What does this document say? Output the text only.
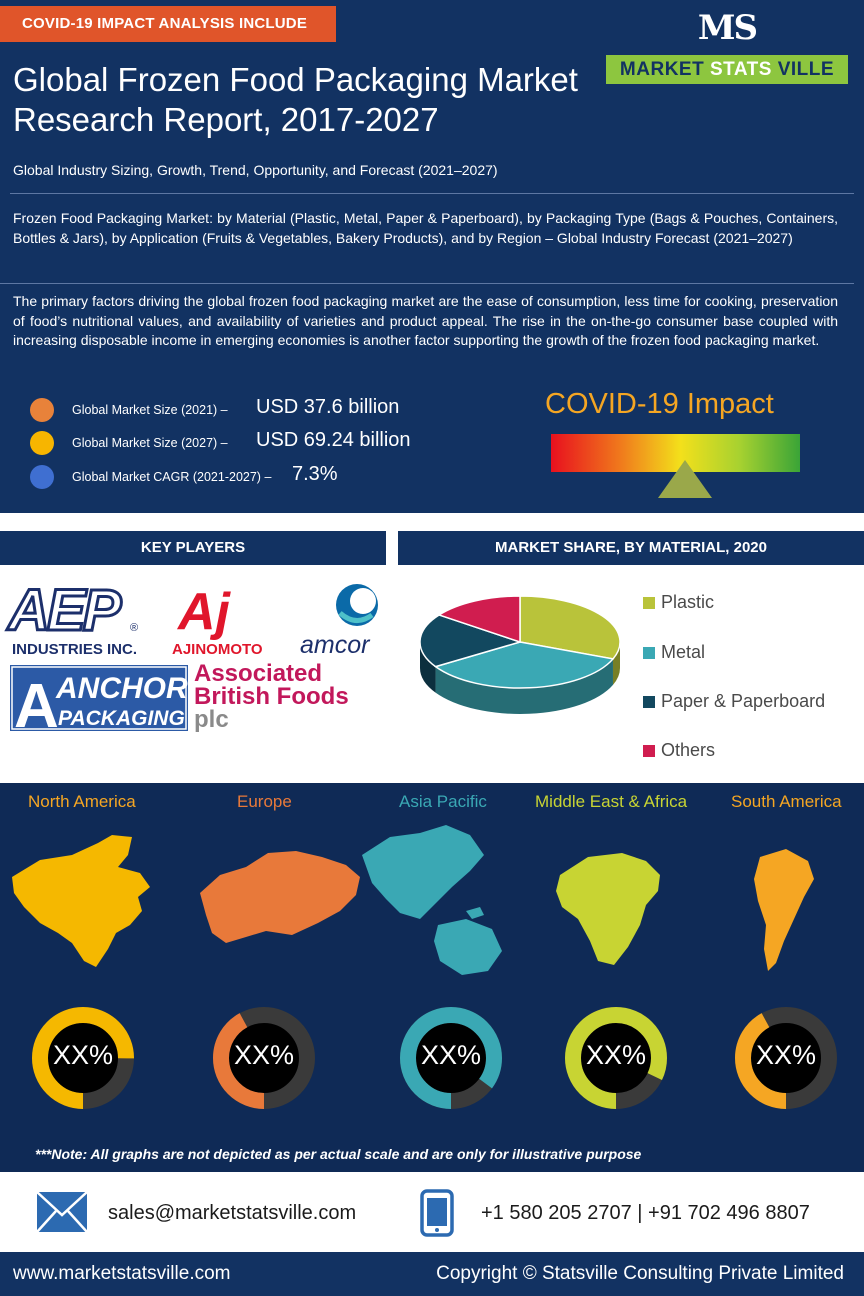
COVID-19 IMPACT ANALYSIS INCLUDE	MS
MARKET STATS VILLE
Global Frozen Food Packaging Market Research Report, 2017-2027
Global Industry Sizing, Growth, Trend, Opportunity, and Forecast (2021–2027)

Frozen Food Packaging Market: by Material (Plastic, Metal, Paper & Paperboard), by Packaging Type (Bags & Pouches, Containers, Bottles & Jars), by Application (Fruits & Vegetables, Bakery Products), and by Region – Global Industry Forecast (2021–2027)

The primary factors driving the global frozen food packaging market are the ease of consumption, less time for cooking, preservation of food’s nutritional values, and availability of varieties and product appeal. The rise in the on-the-go consumer base coupled with increasing disposable income in emerging economies is another factor supporting the growth of the frozen food packaging market.

Global Market Size (2021) – USD 37.6 billion
Global Market Size (2027) – USD 69.24 billion
Global Market CAGR (2021-2027) – 7.3%
COVID-19 Impact
KEY PLAYERS	MARKET SHARE, BY MATERIAL, 2020
AEP	®
INDUSTRIES INC.
Aj
AJINOMOTO amcor
A
ANCHOR
PACKAGING
Associated
British Foods
plc
Plastic
Metal
Paper & Paperboard
Others
North America	Europe	Asia Pacific	Middle East & Africa	South America
XX%	XX%	XX%	XX%	XX%
***Note: All graphs are not depicted as per actual scale and are only for illustrative purpose
sales@marketstatsville.com	+1 580 205 2707 | +91 702 496 8807
www.marketstatsville.com	Copyright © Statsville Consulting Private Limited
